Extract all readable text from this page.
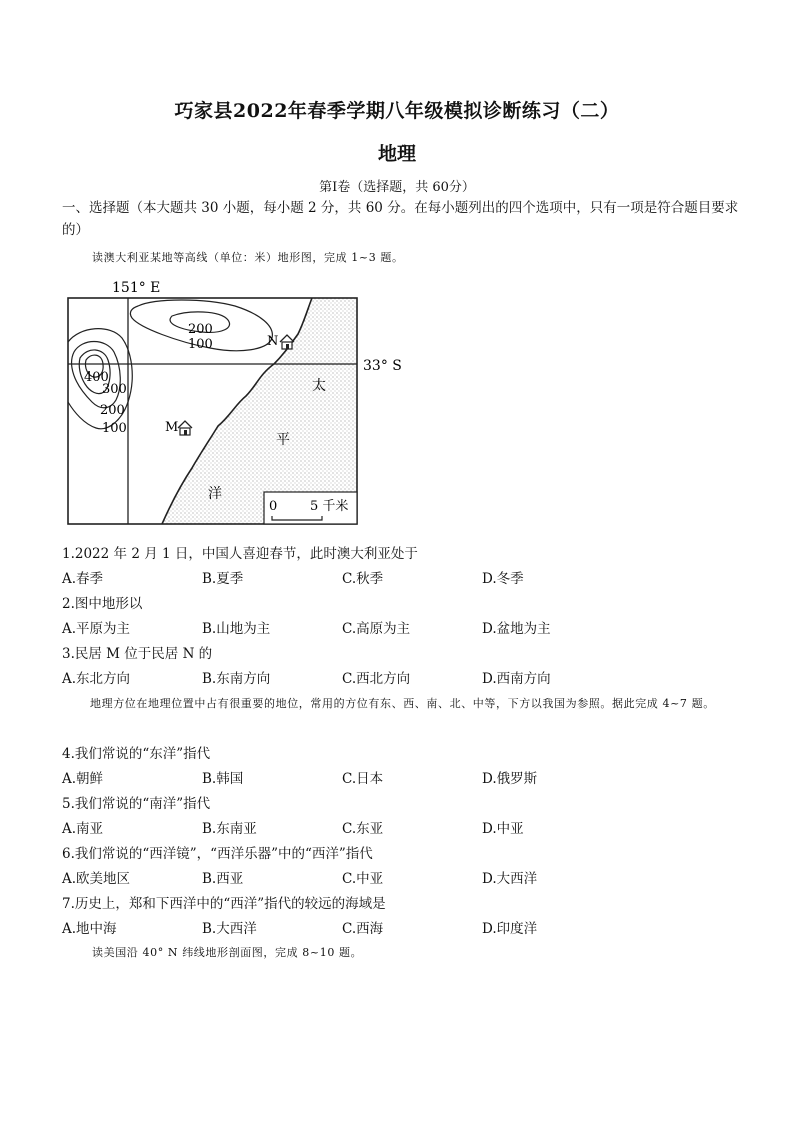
巧家县2022年春季学期八年级模拟诊断练习（二）
地理
第Ⅰ卷（选择题，共 60分）
一、选择题（本大题共 30 小题，每小题 2 分，共 60 分。在每小题列出的四个选项中，只有一项是符合题目要求的）
读澳大利亚某地等高线（单位：米）地形图，完成 1~3 题。
151° E
33° S
200
100
400
300
200
100
N
M
太
平
洋
0	5 千米
1.2022 年 2 月 1 日，中国人喜迎春节，此时澳大利亚处于
A.春季	B.夏季	C.秋季	D.冬季
2.图中地形以
A.平原为主	B.山地为主	C.高原为主	D.盆地为主
3.民居 M 位于民居 N 的
A.东北方向	B.东南方向	C.西北方向	D.西南方向
地理方位在地理位置中占有很重要的地位，常用的方位有东、西、南、北、中等，下方以我国为参照。据此完成 4~7 题。
4.我们常说的“东洋”指代
A.朝鲜	B.韩国	C.日本	D.俄罗斯
5.我们常说的“南洋”指代
A.南亚	B.东南亚	C.东亚	D.中亚
6.我们常说的“西洋镜”，“西洋乐器”中的“西洋”指代
A.欧美地区	B.西亚	C.中亚	D.大西洋
7.历史上，郑和下西洋中的“西洋”指代的较远的海域是
A.地中海	B.大西洋	C.西海	D.印度洋
读美国沿 40° N 纬线地形剖面图，完成 8~10 题。
